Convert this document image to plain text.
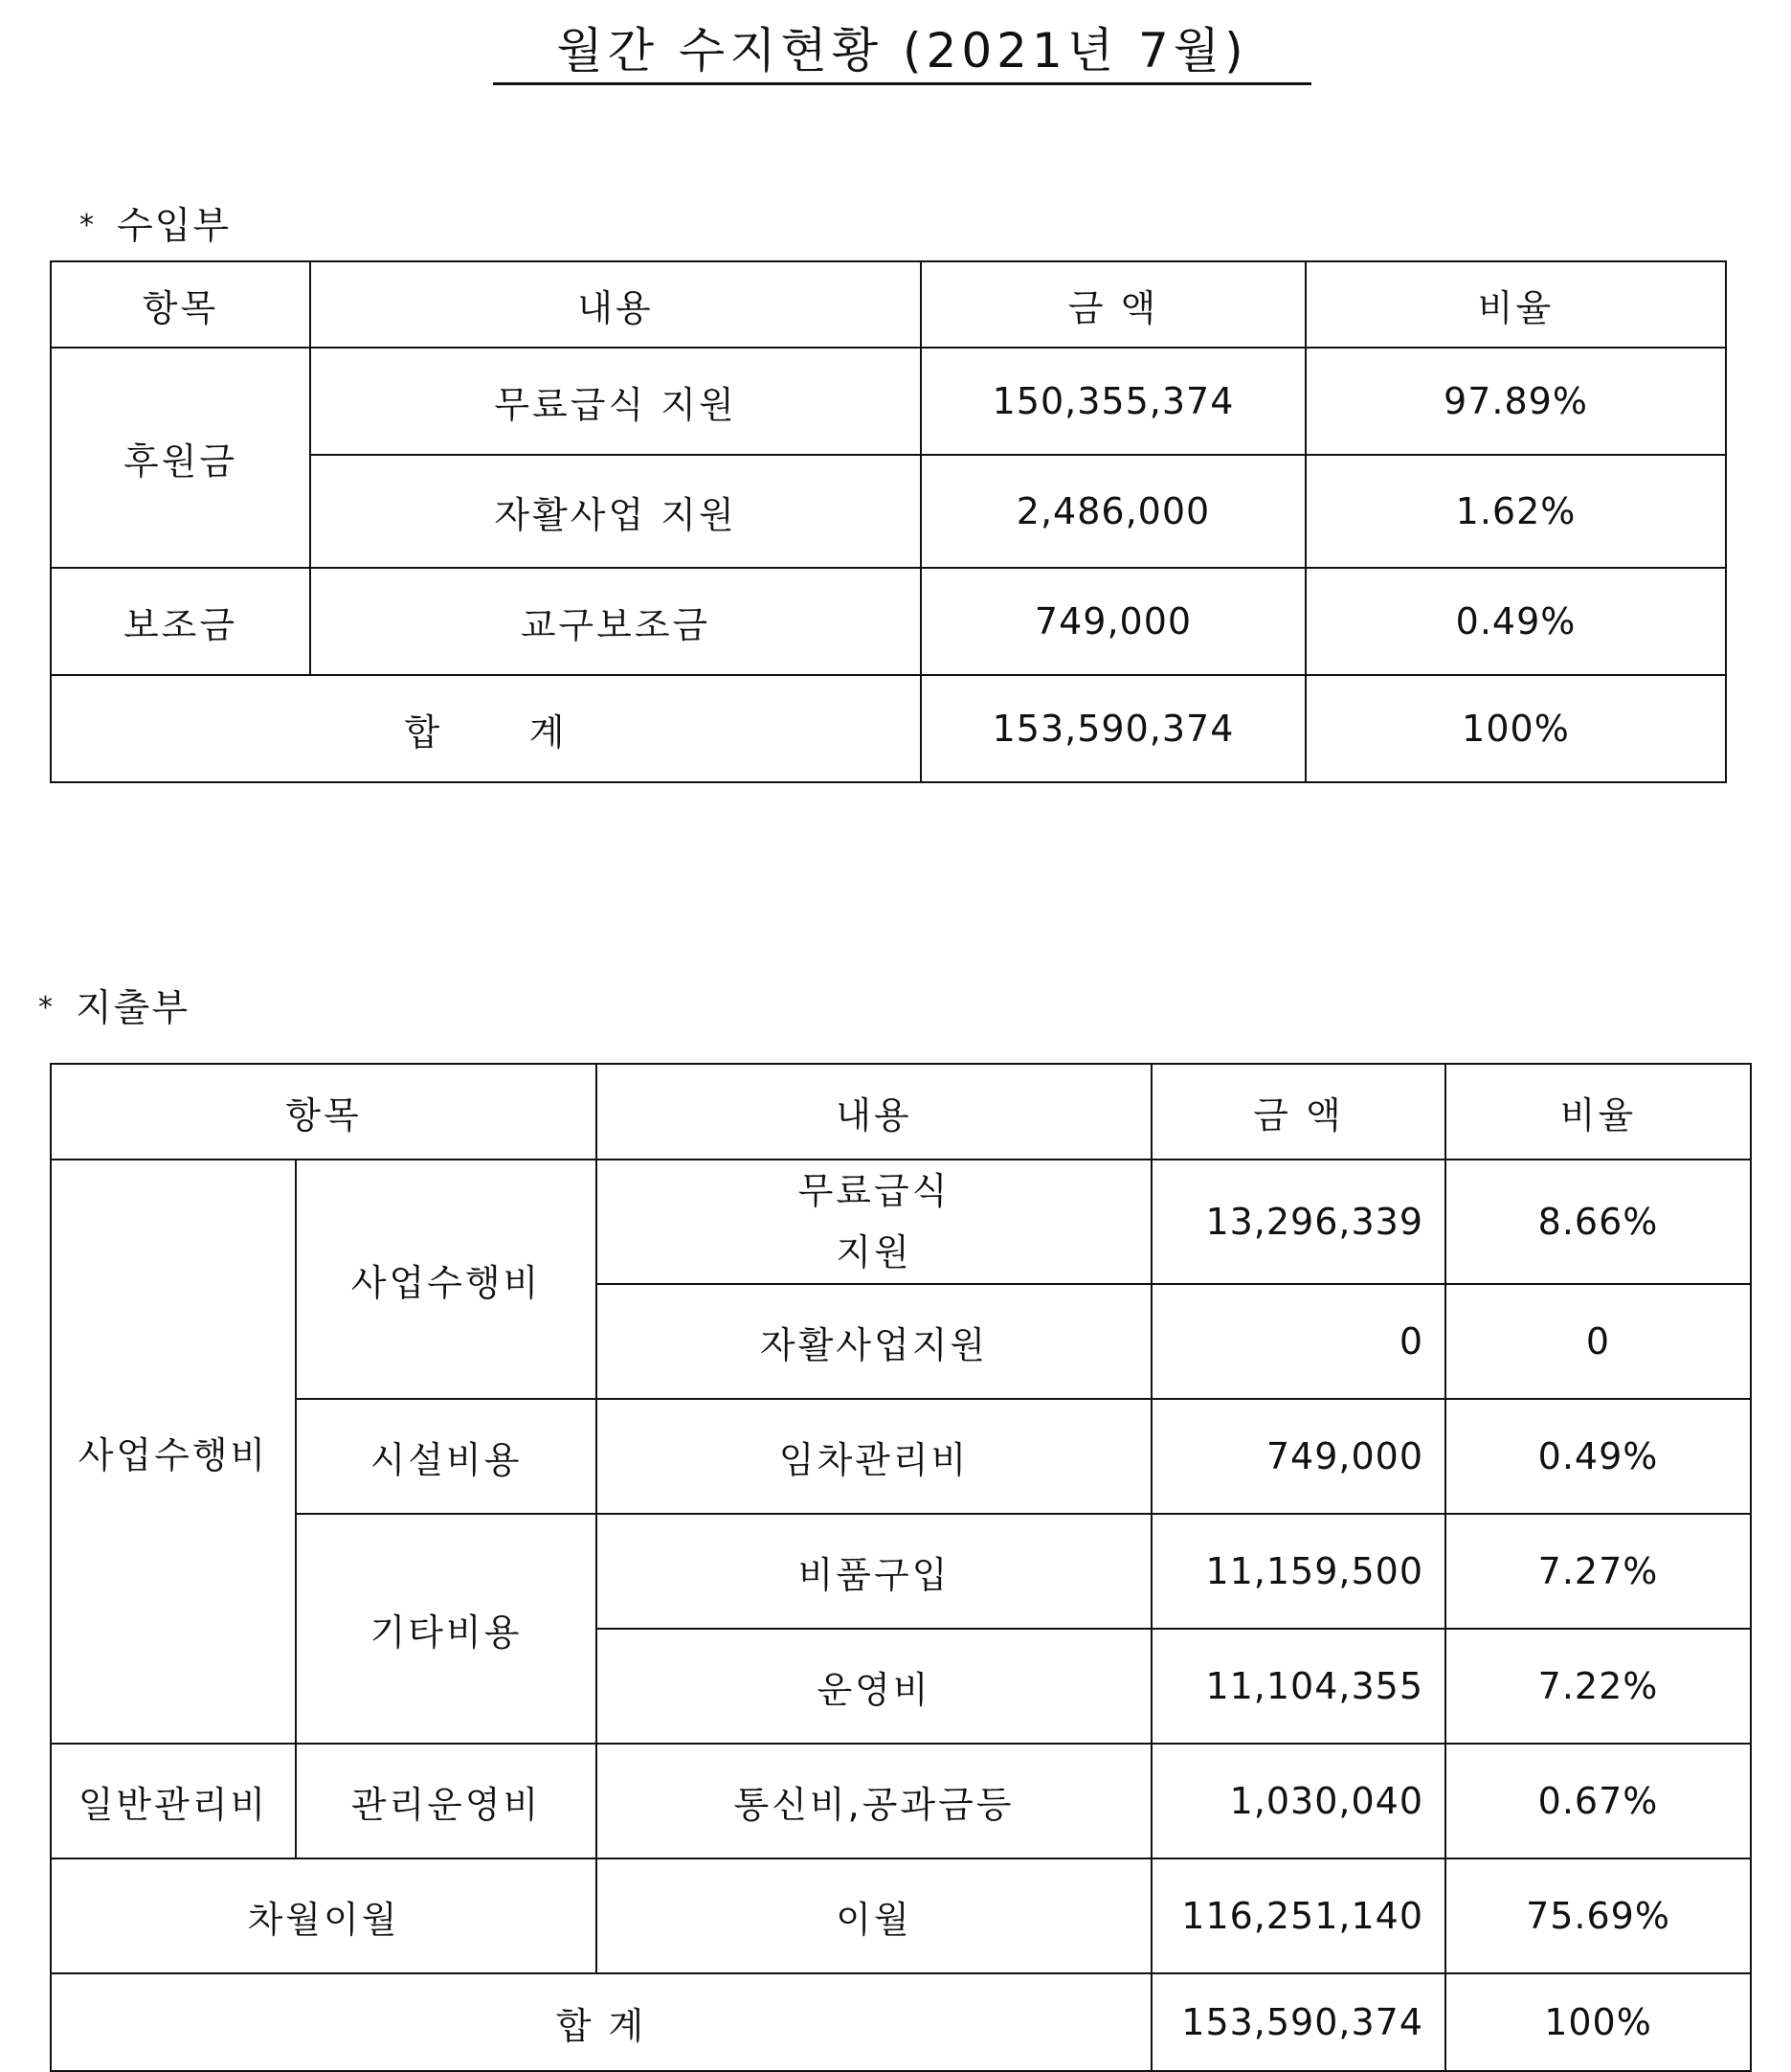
월간 수지현황 (2021년 7월)
* 수입부
항목	내용	금 액	비율
후원금	무료급식 지원	150,355,374	97.89%
	자활사업 지원	2,486,000	1.62%
보조금	교구보조금	749,000	0.49%
합      계		153,590,374	100%
* 지출부
항목		내용	금 액	비율
사업수행비	사업수행비	무료급식 지원	13,296,339	8.66%
		자활사업지원	0	0
	시설비용	임차관리비	749,000	0.49%
	기타비용	비품구입	11,159,500	7.27%
		운영비	11,104,355	7.22%
일반관리비	관리운영비	통신비,공과금등	1,030,040	0.67%
차월이월		이월	116,251,140	75.69%
합 계			153,590,374	100%
